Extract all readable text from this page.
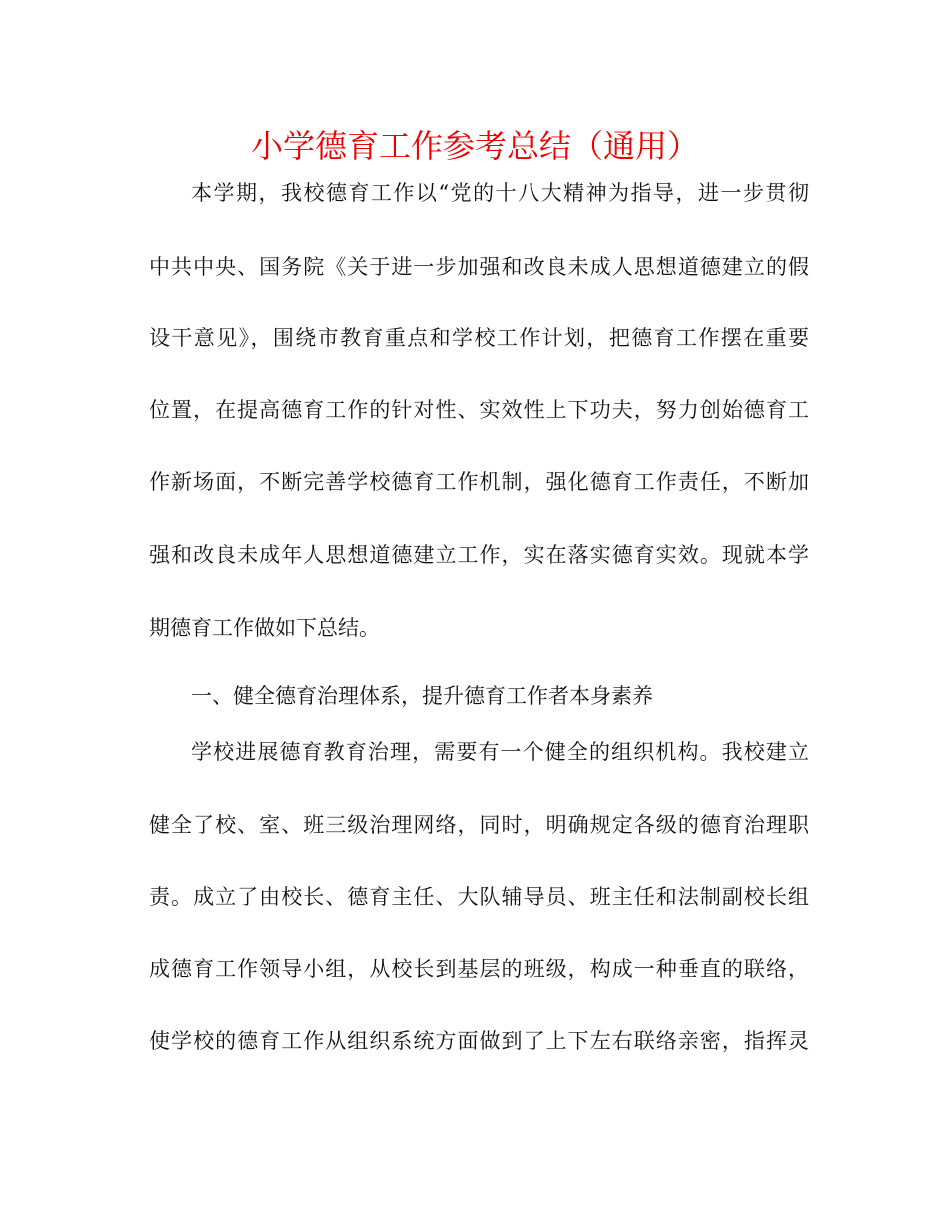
小学德育工作参考总结（通用）
本学期，我校德育工作以“党的十八大精神为指导，进一步贯彻
中共中央、国务院《关于进一步加强和改良未成人思想道德建立的假
设干意见》，围绕市教育重点和学校工作计划，把德育工作摆在重要
位置，在提高德育工作的针对性、实效性上下功夫，努力创始德育工
作新场面，不断完善学校德育工作机制，强化德育工作责任，不断加
强和改良未成年人思想道德建立工作，实在落实德育实效。现就本学
期德育工作做如下总结。
一、健全德育治理体系，提升德育工作者本身素养
学校进展德育教育治理，需要有一个健全的组织机构。我校建立
健全了校、室、班三级治理网络，同时，明确规定各级的德育治理职
责。成立了由校长、德育主任、大队辅导员、班主任和法制副校长组
成德育工作领导小组，从校长到基层的班级，构成一种垂直的联络，
使学校的德育工作从组织系统方面做到了上下左右联络亲密，指挥灵
